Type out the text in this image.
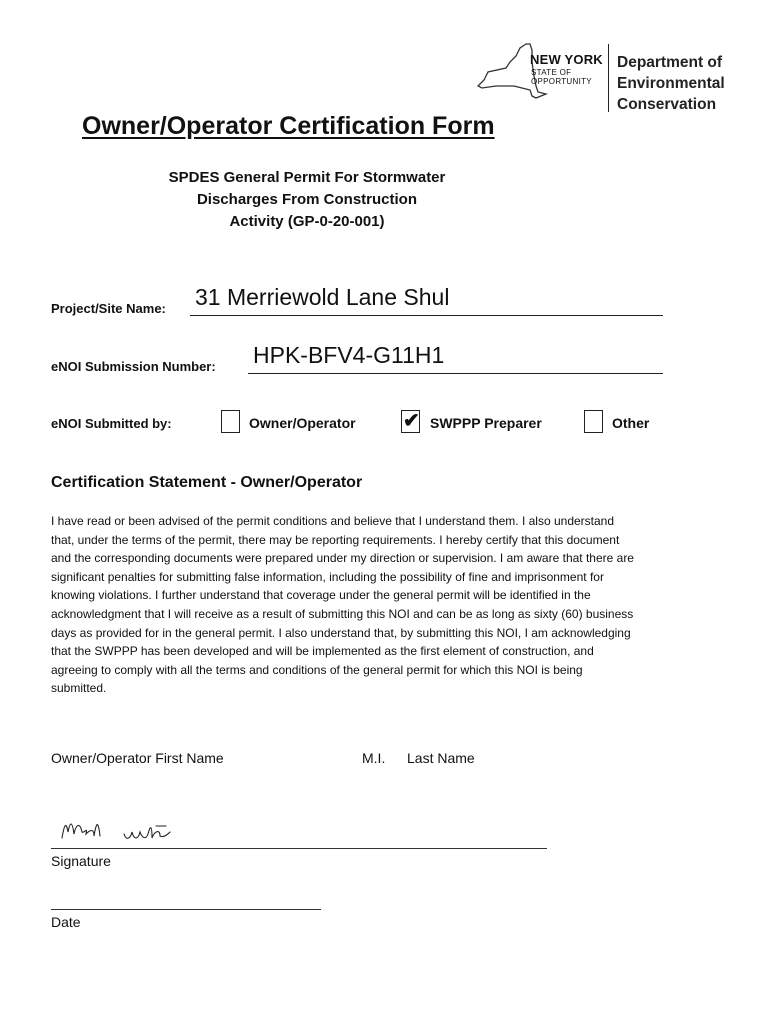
NEW YORK
STATE OF
OPPORTUNITY
Department of
Environmental
Conservation
Owner/Operator Certification Form
SPDES General Permit For Stormwater
Discharges From Construction
Activity (GP-0-20-001)
Project/Site Name: 31 Merriewold Lane Shul
eNOI Submission Number: HPK-BFV4-G11H1
eNOI Submitted by:	Owner/Operator ✔ SWPPP Preparer	Other
Certification Statement - Owner/Operator
I have read or been advised of the permit conditions and believe that I understand them. I also understand
that, under the terms of the permit, there may be reporting requirements. I hereby certify that this document
and the corresponding documents were prepared under my direction or supervision. I am aware that there are
significant penalties for submitting false information, including the possibility of fine and imprisonment for
knowing violations. I further understand that coverage under the general permit will be identified in the
acknowledgment that I will receive as a result of submitting this NOI and can be as long as sixty (60) business
days as provided for in the general permit. I also understand that, by submitting this NOI, I am acknowledging
that the SWPPP has been developed and will be implemented as the first element of construction, and
agreeing to comply with all the terms and conditions of the general permit for which this NOI is being
submitted.
Owner/Operator First Name	M.I. Last Name
Signature
Date
